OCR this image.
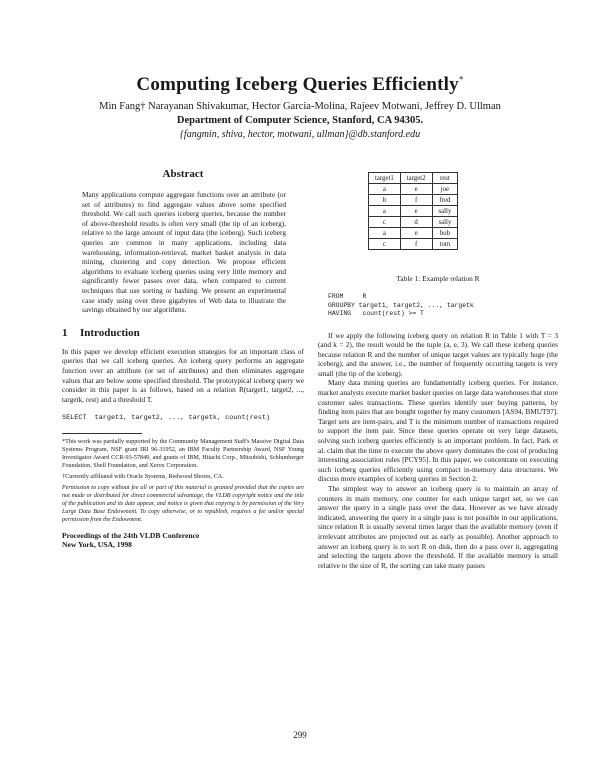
Computing Iceberg Queries Efficiently*
Min Fang† Narayanan Shivakumar, Hector Garcia-Molina, Rajeev Motwani, Jeffrey D. Ullman
Department of Computer Science, Stanford, CA 94305.
{fangmin, shiva, hector, motwani, ullman}@db.stanford.edu
Abstract

Many applications compute aggregate functions over an attribute (or set of attributes) to find aggregate values above some specified threshold. We call such queries iceberg queries, because the number of above-threshold results is often very small (the tip of an iceberg), relative to the large amount of input data (the iceberg). Such iceberg queries are common in many applications, including data warehousing, information-retrieval, market basket analysis in data mining, clustering and copy detection. We propose efficient algorithms to evaluate iceberg queries using very little memory and significantly fewer passes over data, when compared to current techniques that use sorting or hashing. We present an experimental case study using over three gigabytes of Web data to illustrate the savings obtained by our algorithms.

1 Introduction

In this paper we develop efficient execution strategies for an important class of queries that we call iceberg queries. An iceberg query performs an aggregate function over an attribute (or set of attributes) and then eliminates aggregate values that are below some specified threshold. The prototypical iceberg query we consider in this paper is as follows, based on a relation R(target1, target2, ..., targetk, rest) and a threshold T.

SELECT  target1, target2, ..., targetk, count(rest)

*This work was partially supported by the Community Management Staff's Massive Digital Data Systems Program, NSF grant IRI 96-31952, an IBM Faculty Partnership Award, NSF Young Investigator Award CCR-93-57849, and grants of IBM, Hitachi Corp., Mitsubishi, Schlumberger Foundation, Shell Foundation, and Xerox Corporation.

†Currently affiliated with Oracle Systems, Redwood Shores, CA.

Permission to copy without fee all or part of this material is granted provided that the copies are not made or distributed for direct commercial advantage, the VLDB copyright notice and the title of the publication and its date appear, and notice is given that copying is by permission of the Very Large Data Base Endowment. To copy otherwise, or to republish, requires a fee and/or special permission from the Endowment.

Proceedings of the 24th VLDB Conference

New York, USA, 1998

target1	target2	rest
a	e	joe
b	f	fred
a	e	sally
c	d	sally
a	e	bob
c	f	tom
Table 1: Example relation R
FROM     R
GROUPBY target1, target2, ..., targetk
HAVING   count(rest) >= T

If we apply the following iceberg query on relation R in Table 1 with T = 3 (and k = 2), the result would be the tuple (a, e, 3). We call these iceberg queries because relation R and the number of unique target values are typically huge (the iceberg), and the answer, i.e., the number of frequently occurring targets is very small (the tip of the iceberg).

Many data mining queries are fundamentally iceberg queries. For instance, market analysts execute market basket queries on large data warehouses that store customer sales transactions. These queries identify user buying patterns, by finding item pairs that are bought together by many customers [AS94, BMUT97]. Target sets are item-pairs, and T is the minimum number of transactions required to support the item pair. Since these queries operate on very large datasets, solving such iceberg queries efficiently is an important problem. In fact, Park et al. claim that the time to execute the above query dominates the cost of producing interesting association rules [PCY95]. In this paper, we concentrate on executing such iceberg queries efficiently using compact in-memory data structures. We discuss more examples of iceberg queries in Section 2.

The simplest way to answer an iceberg query is to maintain an array of counters in main memory, one counter for each unique target set, so we can answer the query in a single pass over the data. However as we have already indicated, answering the query in a single pass is not possible in our applications, since relation R is usually several times larger than the available memory (even if irrelevant attributes are projected out as early as possible). Another approach to answer an iceberg query is to sort R on disk, then do a pass over it, aggregating and selecting the targets above the threshold. If the available memory is small relative to the size of R, the sorting can take many passes

299
